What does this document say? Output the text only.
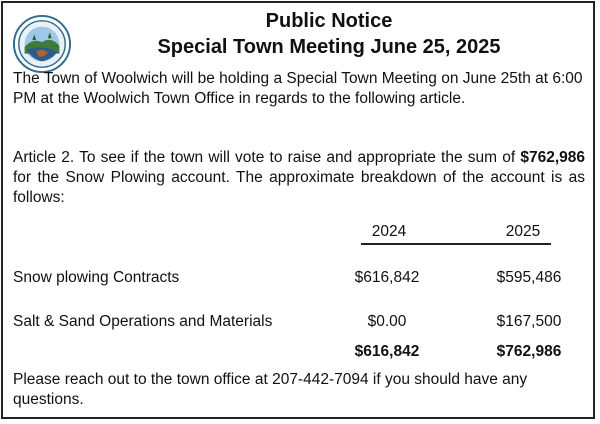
Public Notice
Special Town Meeting June 25, 2025

The Town of Woolwich will be holding a Special Town Meeting on June 25th at 6:00 PM at the Woolwich Town Office in regards to the following article.

Article 2. To see if the town will vote to raise and appropriate the sum of $762,986 for the Snow Plowing account. The approximate breakdown of the account is as follows:

2024	2025
Snow plowing Contracts	$616,842	$595,486
Salt & Sand Operations and Materials	$0.00	$167,500
$616,842	$762,986

Please reach out to the town office at 207-442-7094 if you should have any questions.
